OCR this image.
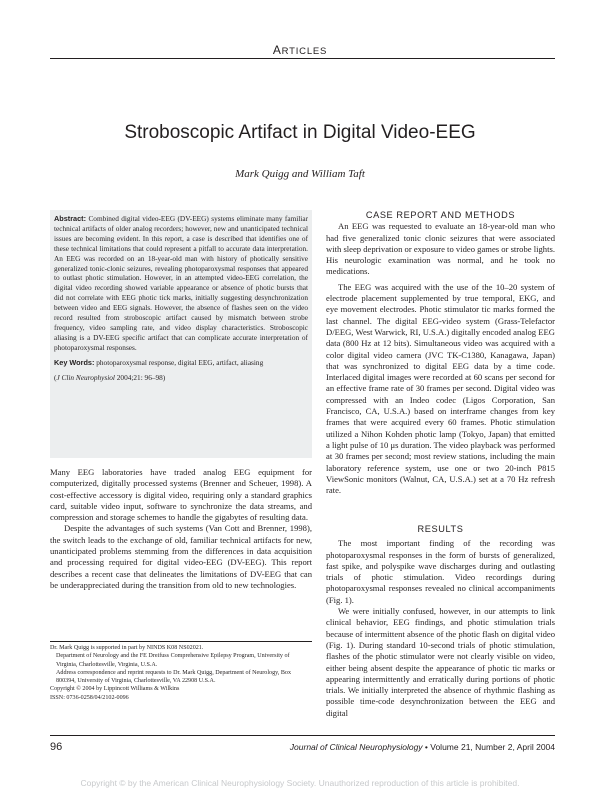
ARTICLES
Stroboscopic Artifact in Digital Video-EEG
Mark Quigg and William Taft

Abstract: Combined digital video-EEG (DV-EEG) systems eliminate many familiar technical artifacts of older analog recorders; however, new and unanticipated technical issues are becoming evident. In this report, a case is described that identifies one of these technical limitations that could represent a pitfall to accurate data interpretation. An EEG was recorded on an 18-year-old man with history of photically sensitive generalized tonic-clonic seizures, revealing photoparoxysmal responses that appeared to outlast photic stimulation. However, in an attempted video-EEG correlation, the digital video recording showed variable appearance or absence of photic bursts that did not correlate with EEG photic tick marks, initially suggesting desynchronization between video and EEG signals. However, the absence of flashes seen on the video record resulted from stroboscopic artifact caused by mismatch between strobe frequency, video sampling rate, and video display characteristics. Stroboscopic aliasing is a DV-EEG specific artifact that can complicate accurate interpretation of photoparoxysmal responses.

Key Words: photoparoxysmal response, digital EEG, artifact, aliasing

(J Clin Neurophysiol 2004;21: 96–98)

Many EEG laboratories have traded analog EEG equipment for computerized, digitally processed systems (Brenner and Scheuer, 1998). A cost-effective accessory is digital video, requiring only a standard graphics card, suitable video input, software to synchronize the data streams, and compression and storage schemes to handle the gigabytes of resulting data.

Despite the advantages of such systems (Van Cott and Brenner, 1998), the switch leads to the exchange of old, familiar technical artifacts for new, unanticipated problems stemming from the differences in data acquisition and processing required for digital video-EEG (DV-EEG). This report describes a recent case that delineates the limitations of DV-EEG that can be underappreciated during the transition from old to new technologies.

Dr. Mark Quigg is supported in part by NINDS K08 NS02021.

Department of Neurology and the FE Dreifuss Comprehensive Epilepsy Program, University of Virginia, Charlottesville, Virginia, U.S.A.

Address correspondence and reprint requests to Dr. Mark Quigg, Department of Neurology, Box 800394, University of Virginia, Charlottesville, VA 22908 U.S.A.

Copyright © 2004 by Lippincott Williams & Wilkins

ISSN: 0736-0258/04/2102-0096

CASE REPORT AND METHODS

An EEG was requested to evaluate an 18-year-old man who had five generalized tonic clonic seizures that were associated with sleep deprivation or exposure to video games or strobe lights. His neurologic examination was normal, and he took no medications.

The EEG was acquired with the use of the 10–20 system of electrode placement supplemented by true temporal, EKG, and eye movement electrodes. Photic stimulator tic marks formed the last channel. The digital EEG-video system (Grass-Telefactor D/EEG, West Warwick, RI, U.S.A.) digitally encoded analog EEG data (800 Hz at 12 bits). Simultaneous video was acquired with a color digital video camera (JVC TK-C1380, Kanagawa, Japan) that was synchronized to digital EEG data by a time code. Interlaced digital images were recorded at 60 scans per second for an effective frame rate of 30 frames per second. Digital video was compressed with an Indeo codec (Ligos Corporation, San Francisco, CA, U.S.A.) based on interframe changes from key frames that were acquired every 60 frames. Photic stimulation utilized a Nihon Kohden photic lamp (Tokyo, Japan) that emitted a light pulse of 10 μs duration. The video playback was performed at 30 frames per second; most review stations, including the main laboratory reference system, use one or two 20-inch P815 ViewSonic monitors (Walnut, CA, U.S.A.) set at a 70 Hz refresh rate.

RESULTS

The most important finding of the recording was photoparoxysmal responses in the form of bursts of generalized, fast spike, and polyspike wave discharges during and outlasting trials of photic stimulation. Video recordings during photoparoxysmal responses revealed no clinical accompaniments (Fig. 1).

We were initially confused, however, in our attempts to link clinical behavior, EEG findings, and photic stimulation trials because of intermittent absence of the photic flash on digital video (Fig. 1). During standard 10-second trials of photic stimulation, flashes of the photic stimulator were not clearly visible on video, either being absent despite the appearance of photic tic marks or appearing intermittently and erratically during portions of photic trials. We initially interpreted the absence of rhythmic flashing as possible time-code desynchronization between the EEG and digital

96	Journal of Clinical Neurophysiology • Volume 21, Number 2, April 2004
Copyright © by the American Clinical Neurophysiology Society. Unauthorized reproduction of this article is prohibited.
